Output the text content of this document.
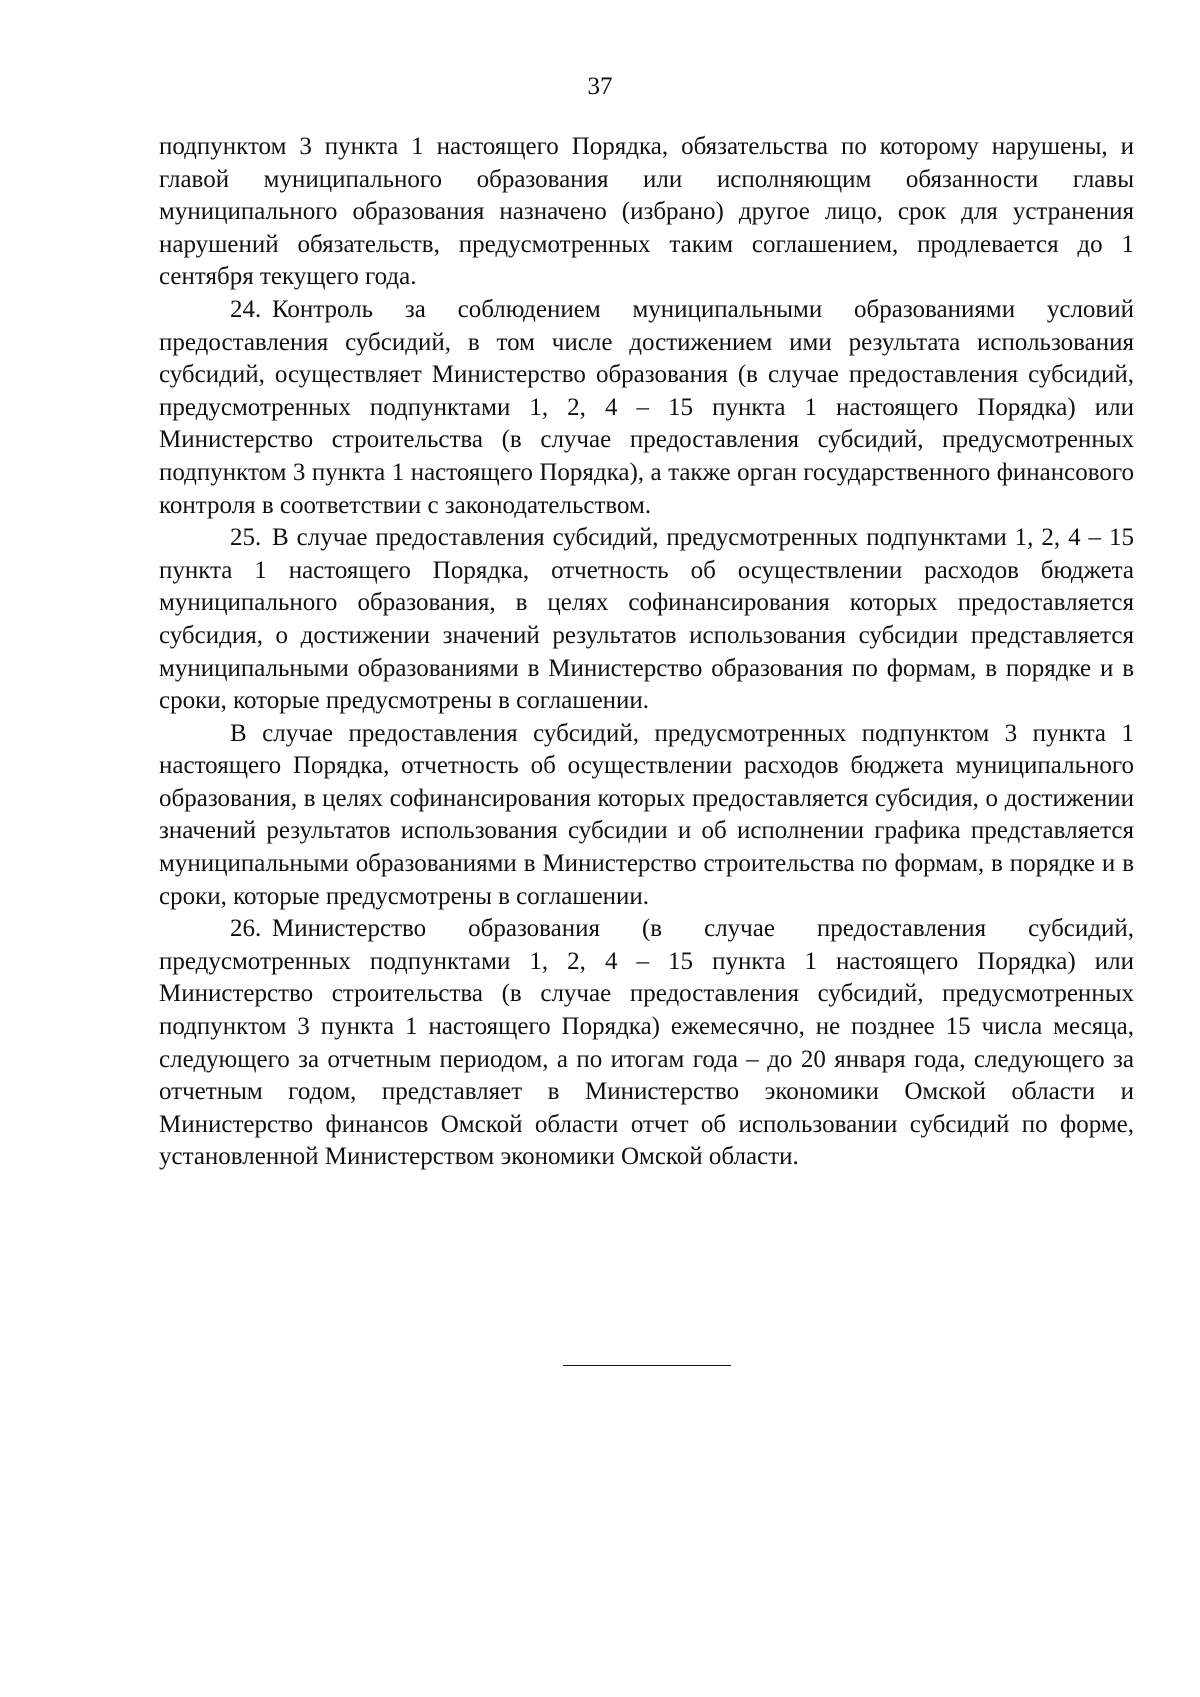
37

подпунктом 3 пункта 1 настоящего Порядка, обязательства по которому нарушены, и главой муниципального образования или исполняющим обязанности главы муниципального образования назначено (избрано) другое лицо, срок для устранения нарушений обязательств, предусмотренных таким соглашением, продлевается до 1 сентября текущего года.

24. Контроль за соблюдением муниципальными образованиями условий предоставления субсидий, в том числе достижением ими результата использования субсидий, осуществляет Министерство образования (в случае предоставления субсидий, предусмотренных подпунктами 1, 2, 4 – 15 пункта 1 настоящего Порядка) или Министерство строительства (в случае предоставления субсидий, предусмотренных подпунктом 3 пункта 1 настоящего Порядка), а также орган государственного финансового контроля в соответствии с законодательством.

25. В случае предоставления субсидий, предусмотренных подпунктами 1, 2, 4 – 15 пункта 1 настоящего Порядка, отчетность об осуществлении расходов бюджета муниципального образования, в целях софинансирования которых предоставляется субсидия, о достижении значений результатов использования субсидии представляется муниципальными образованиями в Министерство образования по формам, в порядке и в сроки, которые предусмотрены в соглашении.

В случае предоставления субсидий, предусмотренных подпунктом 3 пункта 1 настоящего Порядка, отчетность об осуществлении расходов бюджета муниципального образования, в целях софинансирования которых предоставляется субсидия, о достижении значений результатов использования субсидии и об исполнении графика представляется муниципальными образованиями в Министерство строительства по формам, в порядке и в сроки, которые предусмотрены в соглашении.

26. Министерство образования (в случае предоставления субсидий, предусмотренных подпунктами 1, 2, 4 – 15 пункта 1 настоящего Порядка) или Министерство строительства (в случае предоставления субсидий, предусмотренных подпунктом 3 пункта 1 настоящего Порядка) ежемесячно, не позднее 15 числа месяца, следующего за отчетным периодом, а по итогам года – до 20 января года, следующего за отчетным годом, представляет в Министерство экономики Омской области и Министерство финансов Омской области отчет об использовании субсидий по форме, установленной Министерством экономики Омской области.
